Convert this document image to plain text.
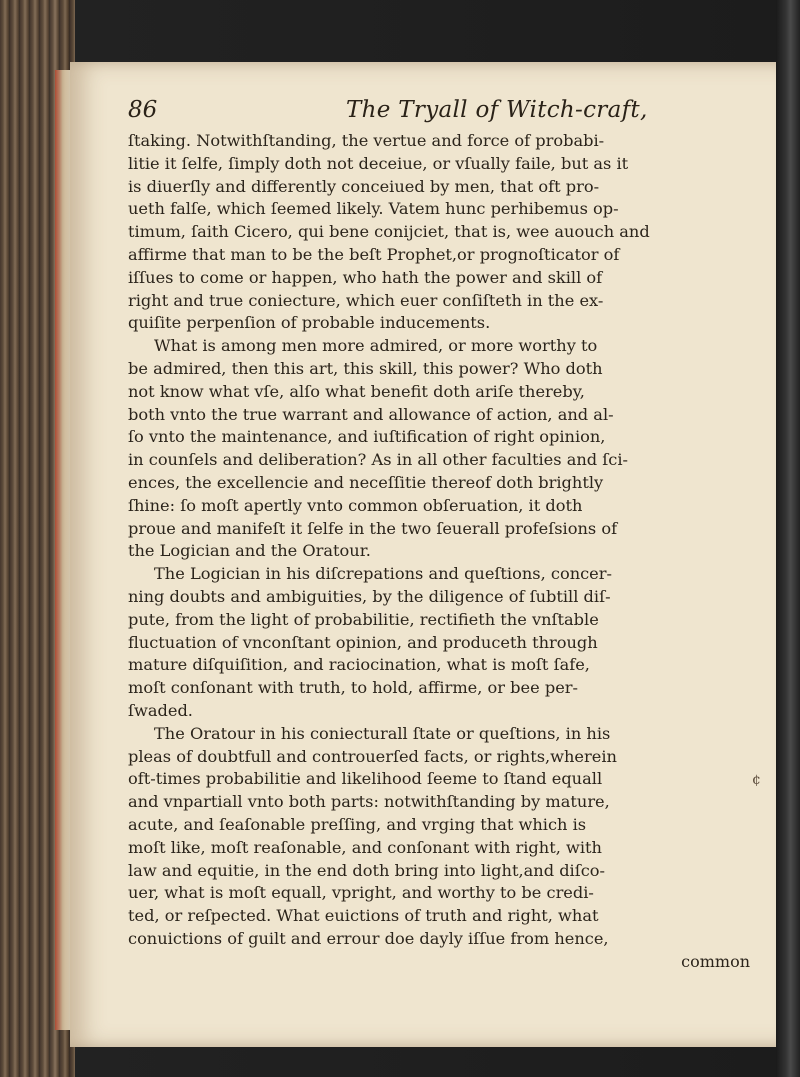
86	The Tryall of Witch-craft,
ſtaking. Notwithſtanding, the vertue and force of probabi-
litie it ſelfe, ſimply doth not deceiue, or vſually faile, but as it
is diuerſly and differently conceiued by men, that oft pro-
ueth falſe, which ſeemed likely. Vatem hunc perhibemus op-
timum, ſaith Cicero, qui bene conijciet, that is, wee auouch and
affirme that man to be the beſt Prophet,or prognoſticator of
iſſues to come or happen, who hath the power and skill of
right and true coniecture, which euer conſiſteth in the ex-
quiſite perpenſion of probable inducements.
What is among men more admired, or more worthy to
be admired, then this art, this skill, this power? Who doth
not know what vſe, alſo what benefit doth ariſe thereby,
both vnto the true warrant and allowance of action, and al-
ſo vnto the maintenance, and iuſtification of right opinion,
in counſels and deliberation? As in all other faculties and ſci-
ences, the excellencie and neceſſitie thereof doth brightly
ſhine: ſo moſt apertly vnto common obſeruation, it doth
proue and manifeſt it ſelfe in the two ſeuerall profeſsions of
the Logician and the Oratour.
The Logician in his diſcrepations and queſtions, concer-
ning doubts and ambiguities, by the diligence of ſubtill diſ-
pute, from the light of probabilitie, rectifieth the vnſtable
fluctuation of vnconſtant opinion, and produceth through
mature diſquiſition, and raciocination, what is moſt ſafe,
moſt conſonant with truth, to hold, affirme, or bee per-
ſwaded.
The Oratour in his coniecturall ſtate or queſtions, in his
pleas of doubtfull and controuerſed facts, or rights,wherein
oft-times probabilitie and likelihood ſeeme to ſtand equall
and vnpartiall vnto both parts: notwithſtanding by mature,
acute, and ſeaſonable preſſing, and vrging that which is
moſt like, moſt reaſonable, and conſonant with right, with
law and equitie, in the end doth bring into light,and diſco-
uer, what is moſt equall, vpright, and worthy to be credi-
ted, or reſpected. What euictions of truth and right, what
conuictions of guilt and errour doe dayly iſſue from hence,
common
¢
